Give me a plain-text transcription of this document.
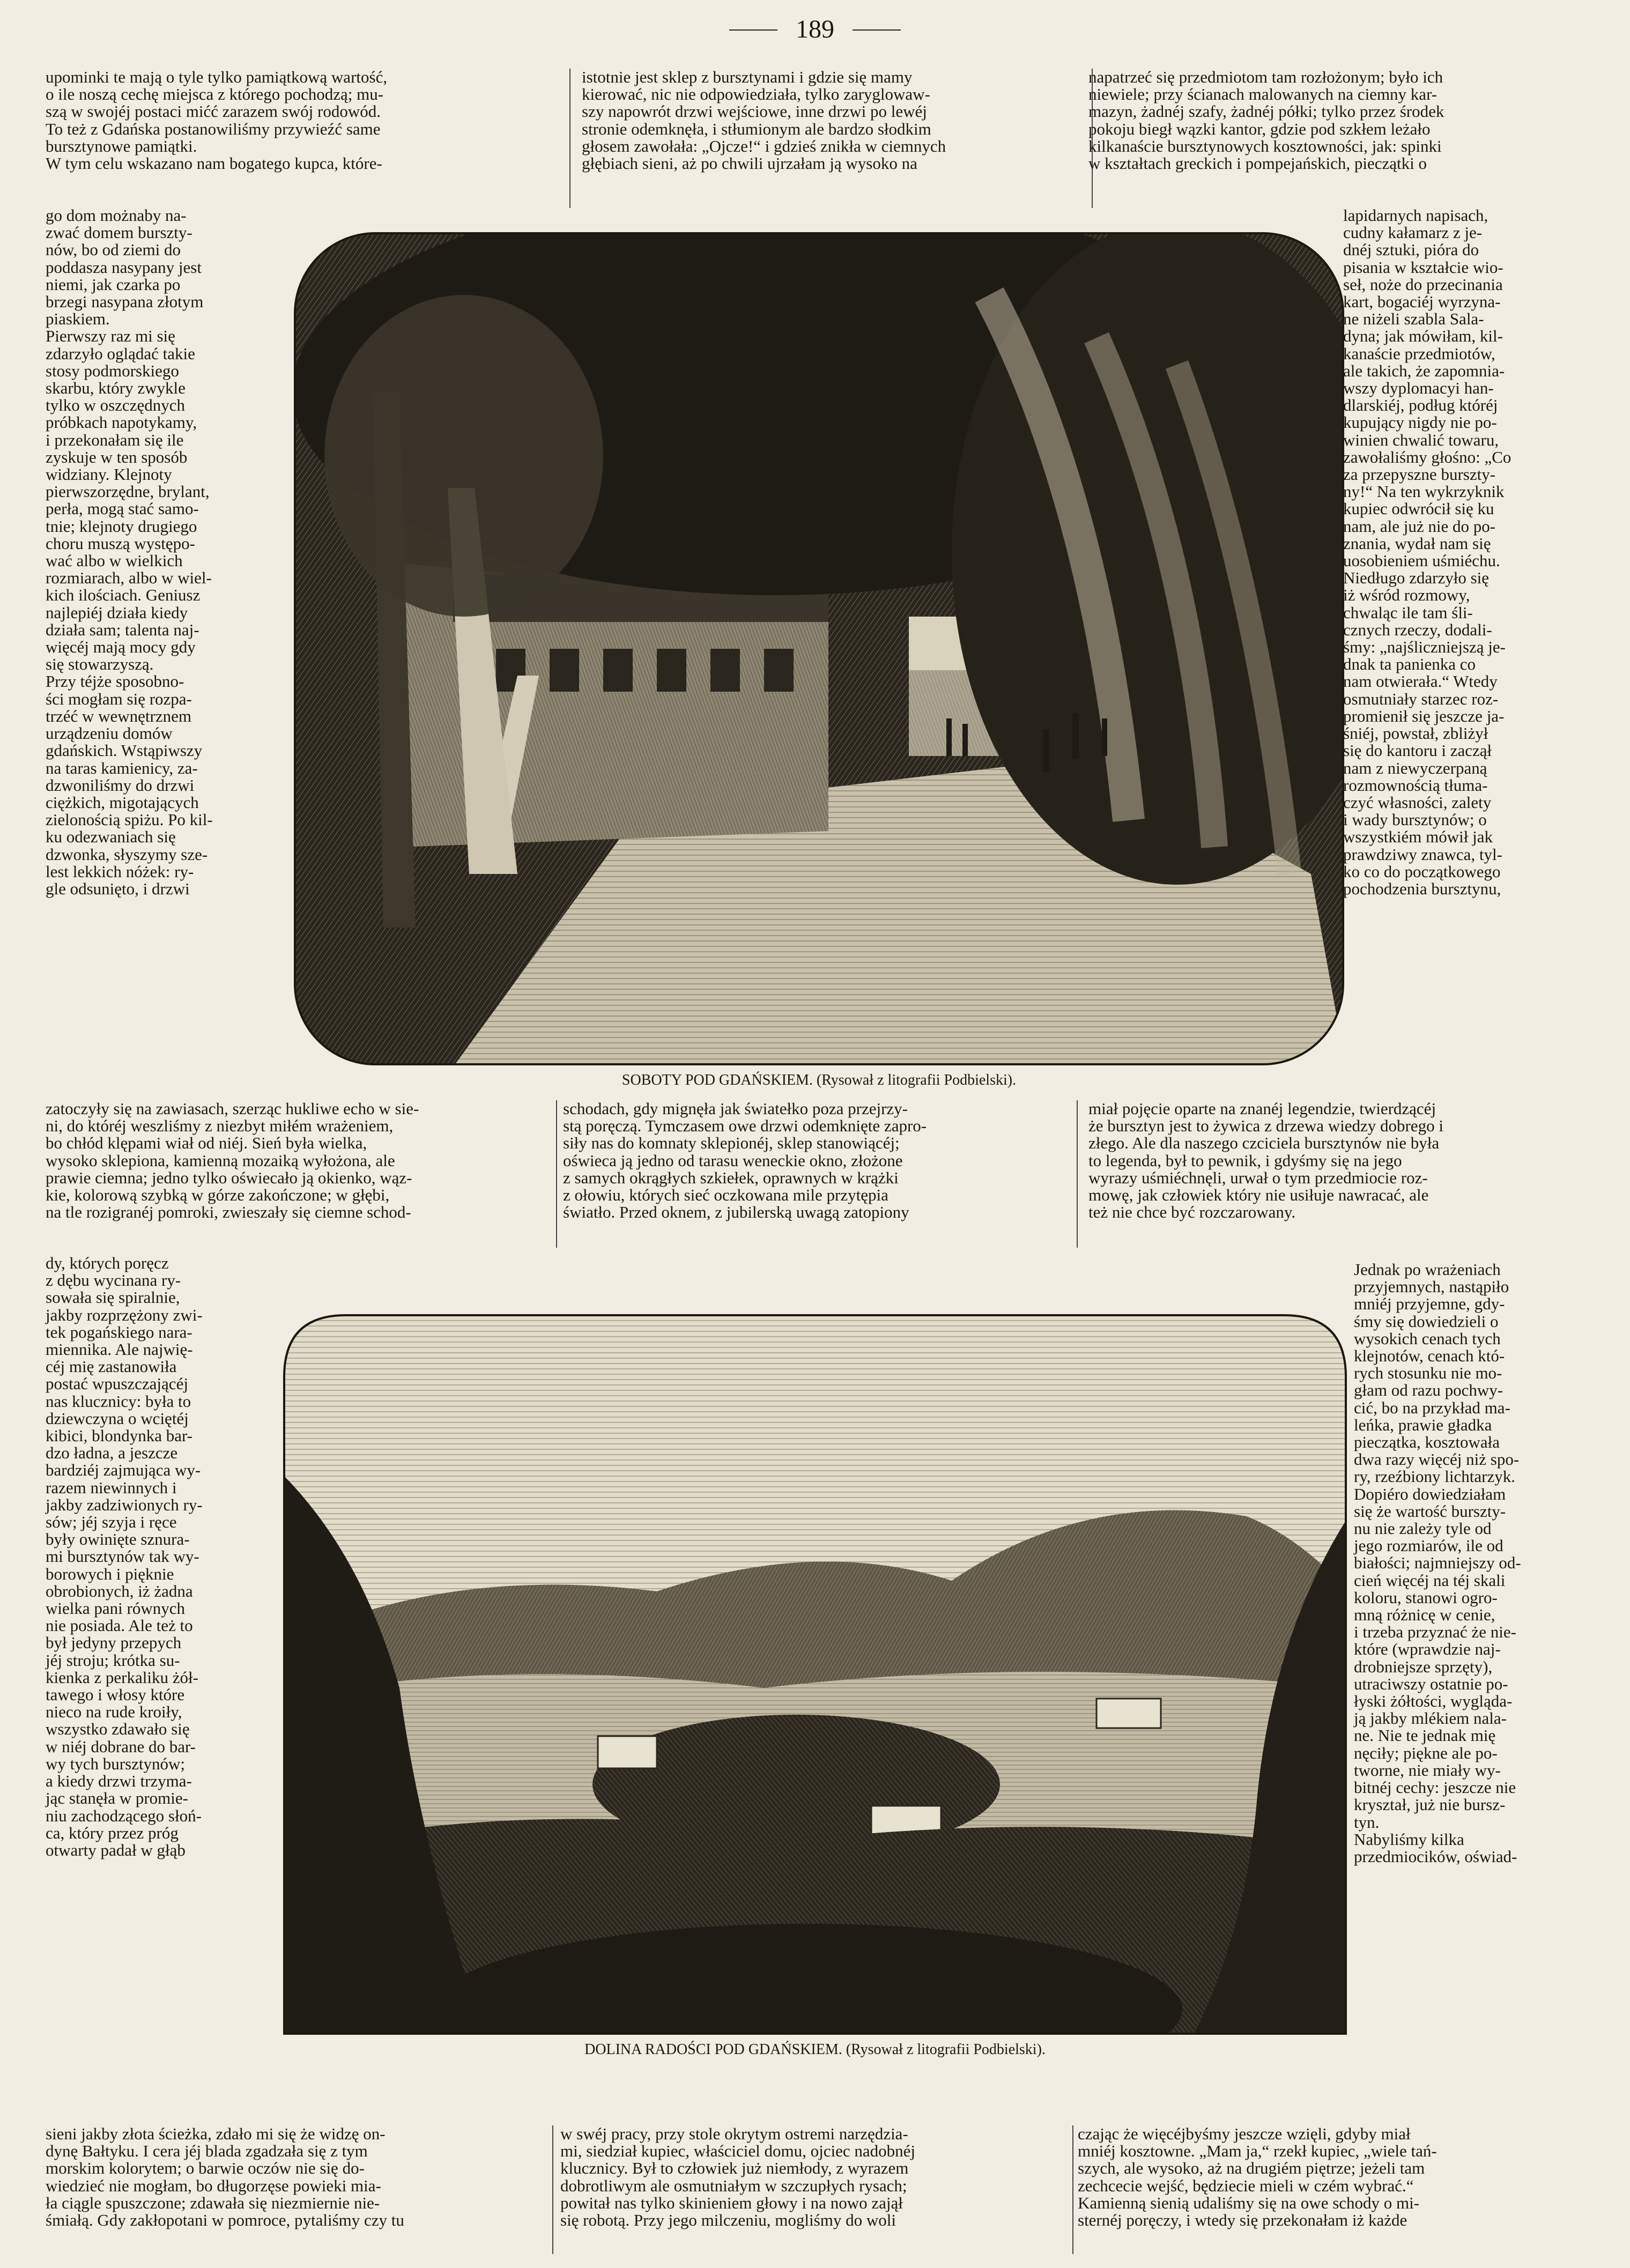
189
upominki te mają o tyle tylko pamiątkową wartość,
o ile noszą cechę miejsca z którego pochodzą; mu-
szą w swojéj postaci mićć zarazem swój rodowód.
To też z Gdańska postanowiliśmy przywieźć same
bursztynowe pamiątki.
W tym celu wskazano nam bogatego kupca, które-
istotnie jest sklep z bursztynami i gdzie się mamy
kierować, nic nie odpowiedziała, tylko zaryglowaw-
szy napowrót drzwi wejściowe, inne drzwi po lewéj
stronie odemknęła, i stłumionym ale bardzo słodkim
głosem zawołała: „Ojcze!“ i gdzieś znikła w ciemnych
głębiach sieni, aż po chwili ujrzałam ją wysoko na
napatrzeć się przedmiotom tam rozłożonym; było ich
niewiele; przy ścianach malowanych na ciemny kar-
mazyn, żadnéj szafy, żadnéj półki; tylko przez środek
pokoju biegł wązki kantor, gdzie pod szkłem leżało
kilkanaście bursztynowych kosztowności, jak: spinki
w kształtach greckich i pompejańskich, pieczątki o
go dom możnaby na-
zwać domem burszty-
nów, bo od ziemi do
poddasza nasypany jest
niemi, jak czarka po
brzegi nasypana złotym
piaskiem.
Pierwszy raz mi się
zdarzyło oglądać takie
stosy podmorskiego
skarbu, który zwykle
tylko w oszczędnych
próbkach napotykamy,
i przekonałam się ile
zyskuje w ten sposób
widziany. Klejnoty
pierwszorzędne, brylant,
perła, mogą stać samo-
tnie; klejnoty drugiego
choru muszą występo-
wać albo w wielkich
rozmiarach, albo w wiel-
kich ilościach. Geniusz
najlepiéj działa kiedy
działa sam; talenta naj-
więcéj mają mocy gdy
się stowarzyszą.
Przy téjże sposobno-
ści mogłam się rozpa-
trzéć w wewnętrznem
urządzeniu domów
gdańskich. Wstąpiwszy
na taras kamienicy, za-
dzwoniliśmy do drzwi
ciężkich, migotających
zielonością spiżu. Po kil-
ku odezwaniach się
dzwonka, słyszymy sze-
lest lekkich nóżek: ry-
gle odsunięto, i drzwi
lapidarnych napisach,
cudny kałamarz z je-
dnéj sztuki, pióra do
pisania w kształcie wio-
seł, noże do przecinania
kart, bogaciéj wyrzyna-
ne niżeli szabla Sala-
dyna; jak mówiłam, kil-
kanaście przedmiotów,
ale takich, że zapomnia-
wszy dyplomacyi han-
dlarskiéj, podług któréj
kupujący nigdy nie po-
winien chwalić towaru,
zawołaliśmy głośno: „Co
za przepyszne burszty-
ny!“ Na ten wykrzyknik
kupiec odwrócił się ku
nam, ale już nie do po-
znania, wydał nam się
uosobieniem uśmiéchu.
Niedługo zdarzyło się
iż wśród rozmowy,
chwaląc ile tam śli-
cznych rzeczy, dodali-
śmy: „najśliczniejszą je-
dnak ta panienka co
nam otwierała.“ Wtedy
osmutniały starzec roz-
promienił się jeszcze ja-
śniéj, powstał, zbliżył
się do kantoru i zaczął
nam z niewyczerpaną
rozmownością tłuma-
czyć własności, zalety
i wady bursztynów; o
wszystkiém mówił jak
prawdziwy znawca, tyl-
ko co do początkowego
pochodzenia bursztynu,
SOBOTY POD GDAŃSKIEM. (Rysował z litografii Podbielski).
zatoczyły się na zawiasach, szerząc hukliwe echo w sie-
ni, do któréj weszliśmy z niezbyt miłém wrażeniem,
bo chłód klępami wiał od niéj. Sień była wielka,
wysoko sklepiona, kamienną mozaiką wyłożona, ale
prawie ciemna; jedno tylko oświecało ją okienko, wąz-
kie, kolorową szybką w górze zakończone; w głębi,
na tle rozigranéj pomroki, zwieszały się ciemne schod-
schodach, gdy mignęła jak światełko poza przejrzy-
stą poręczą. Tymczasem owe drzwi odemknięte zapro-
siły nas do komnaty sklepionéj, sklep stanowiącéj;
oświeca ją jedno od tarasu weneckie okno, złożone
z samych okrągłych szkiełek, oprawnych w krążki
z ołowiu, których sieć oczkowana mile przytępia
światło. Przed oknem, z jubilerską uwagą zatopiony
miał pojęcie oparte na znanéj legendzie, twierdzącéj
że bursztyn jest to żywica z drzewa wiedzy dobrego i
złego. Ale dla naszego czciciela bursztynów nie była
to legenda, był to pewnik, i gdyśmy się na jego
wyrazy uśmiéchnęli, urwał o tym przedmiocie roz-
mowę, jak człowiek który nie usiłuje nawracać, ale
też nie chce być rozczarowany.
dy, których poręcz
z dębu wycinana ry-
sowała się spiralnie,
jakby rozprzężony zwi-
tek pogańskiego nara-
miennika. Ale najwię-
céj mię zastanowiła
postać wpuszczającéj
nas klucznicy: była to
dziewczyna o wciętéj
kibici, blondynka bar-
dzo ładna, a jeszcze
bardziéj zajmująca wy-
razem niewinnych i
jakby zadziwionych ry-
sów; jéj szyja i ręce
były owinięte sznura-
mi bursztynów tak wy-
borowych i pięknie
obrobionych, iż żadna
wielka pani równych
nie posiada. Ale też to
był jedyny przepych
jéj stroju; krótka su-
kienka z perkaliku żół-
tawego i włosy które
nieco na rude kroiły,
wszystko zdawało się
w niéj dobrane do bar-
wy tych bursztynów;
a kiedy drzwi trzyma-
jąc stanęła w promie-
niu zachodzącego słoń-
ca, który przez próg
otwarty padał w głąb
Jednak po wrażeniach
przyjemnych, nastąpiło
mniéj przyjemne, gdy-
śmy się dowiedzieli o
wysokich cenach tych
klejnotów, cenach któ-
rych stosunku nie mo-
głam od razu pochwy-
cić, bo na przykład ma-
leńka, prawie gładka
pieczątka, kosztowała
dwa razy więcéj niż spo-
ry, rzeźbiony lichtarzyk.
Dopiéro dowiedziałam
się że wartość burszty-
nu nie zależy tyle od
jego rozmiarów, ile od
białości; najmniejszy od-
cień więcéj na téj skali
koloru, stanowi ogro-
mną różnicę w cenie,
i trzeba przyznać że nie-
które (wprawdzie naj-
drobniejsze sprzęty),
utraciwszy ostatnie po-
łyski żółtości, wygląda-
ją jakby mlékiem nala-
ne. Nie te jednak mię
nęciły; piękne ale po-
tworne, nie miały wy-
bitnéj cechy: jeszcze nie
kryształ, już nie bursz-
tyn.
Nabyliśmy kilka
przedmiocików, oświad-
DOLINA RADOŚCI POD GDAŃSKIEM. (Rysował z litografii Podbielski).
sieni jakby złota ścieżka, zdało mi się że widzę on-
dynę Bałtyku. I cera jéj blada zgadzała się z tym
morskim kolorytem; o barwie oczów nie się do-
wiedzieć nie mogłam, bo długorzęse powieki mia-
ła ciągle spuszczone; zdawała się niezmiernie nie-
śmiałą. Gdy zakłopotani w pomroce, pytaliśmy czy tu
w swéj pracy, przy stole okrytym ostremi narzędzia-
mi, siedział kupiec, właściciel domu, ojciec nadobnéj
klucznicy. Był to człowiek już niemłody, z wyrazem
dobrotliwym ale osmutniałym w szczupłych rysach;
powitał nas tylko skinieniem głowy i na nowo zajął
się robotą. Przy jego milczeniu, mogliśmy do woli
czając że więcéjbyśmy jeszcze wzięli, gdyby miał
mniéj kosztowne. „Mam ja,“ rzekł kupiec, „wiele tań-
szych, ale wysoko, aż na drugiém piętrze; jeżeli tam
zechcecie wejść, będziecie mieli w czém wybrać.“
Kamienną sienią udaliśmy się na owe schody o mi-
sternéj poręczy, i wtedy się przekonałam iż każde
